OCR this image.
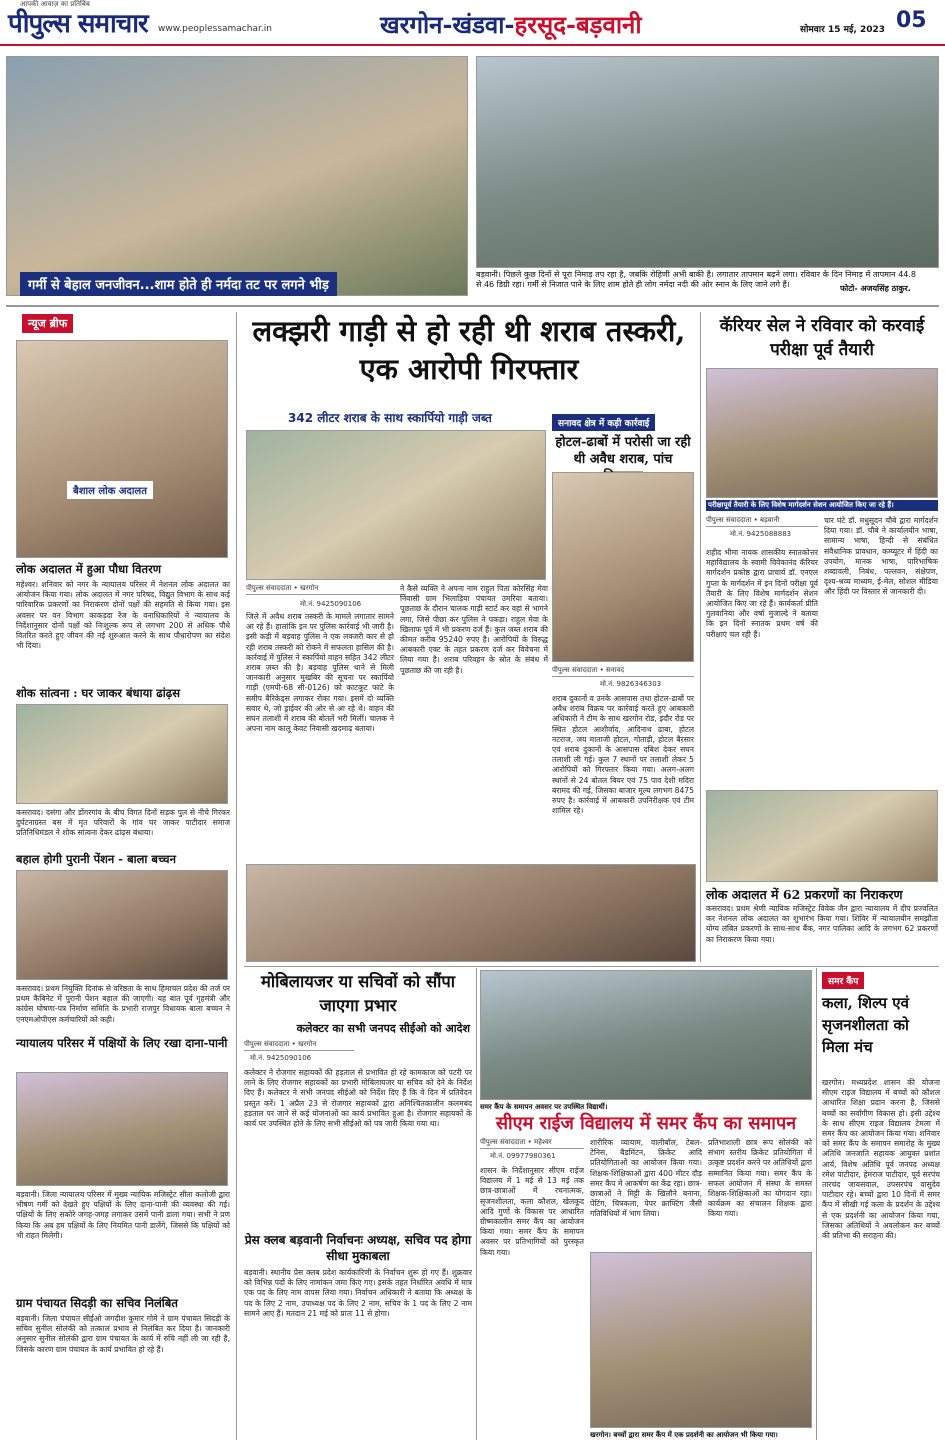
आपकी आवाज़ का प्रतिबिंब
पीपुल्स समाचार www.peoplessamachar.in	खरगोन-खंडवा-हरसूद-बड़वानी	सोमवार 15 मई, 2023 05
गर्मी से बेहाल जनजीवन...शाम होते ही नर्मदा तट पर लगने भीड़
बड़वानी। पिछले कुछ दिनों से पूरा निमाड़ तप रहा है, जबकि रोहिणी अभी बाकी है। लगातार तापमान बढ़ने लगा। रविवार के दिन निमाड़ में तापमान 44.8 से 46 डिग्री रहा। गर्मी से निजात पाने के लिए शाम होते ही लोग नर्मदा नदी की ओर स्नान के लिए जाने लगे हैं।	फोटो- अजयसिंह ठाकुर.
न्यूज ब्रीफ
बैशाल लोक अदालत
लोक अदालत में हुआ पौधा वितरण
महेश्वर। शनिवार को नगर के न्यायालय परिसर में नेशनल लोक अदालत का आयोजन किया गया। लोक अदालत में नगर परिषद, विद्युत विभाग के साथ कई पारिवारिक प्रकरणों का निराकरण दोनों पक्षों की सहमति से किया गया। इस अवसर पर वन विभाग काकड़दा रेंज के वनाधिकारियों ने न्यायालय के निर्देशानुसार दोनों पक्षों को निःशुल्क रूप से लगभग 200 से अधिक पौधे वितरित करते हुए जीवन की नई शुरुआत करने के साथ पौधारोपण का संदेश भी दिया।
शोक सांत्वना : घर जाकर बंधाया ढांढ़स
कसरावद। दसंगा और डोंगरगांव के बीच विगत दिनों सड़क पुल से नीचे गिरकर दुर्घटनाग्रस्त बस में मृत परिवारों के गांव घर जाकर पाटीदार समाज प्रतिनिधिमंडल ने शोक सांत्वना देकर ढांढ़स बंधाया।
बहाल होगी पुरानी पेंशन - बाला बच्चन
कसरावद। प्रथम नियुक्ति दिनांक से वरिष्ठता के साथ हिमाचल प्रदेश की तर्ज पर प्रथम कैबिनेट में पुरानी पेंशन बहाल की जाएगी। यह बात पूर्व गृहमंत्री और कांग्रेस घोषणा-पत्र निर्माण समिति के प्रभारी राजपुर विधायक बाला बच्चन ने एनएमओपीएस कर्मचारियों को कही।
न्यायालय परिसर में पक्षियों के लिए रखा दाना-पानी
बड़वानी। जिला न्यायालय परिसर में मुख्य न्यायिक मजिस्ट्रेट सीता कलोजी द्वारा भीषण गर्मी को देखते हुए पक्षियों के लिए दाना-पानी की व्यवस्था की गई। पक्षियों के लिए सकोरे जगह-जगह लगाकर उसमें पानी डाला गया। सभी ने प्रण किया कि अब हम पक्षियों के लिए नियमित पानी डालेंगे, जिससे कि पक्षियों को भी राहत मिलेगी।
ग्राम पंचायत सिदड़ी का सचिव निलंबित
बड़वानी। जिला पंचायत सीईओ जगदीश कुमार गोमे ने ग्राम पंचायत सिदड़ी के सचिव सुनील सोलंकी को तत्काल प्रभाव से निलंबित कर दिया है। जानकारी अनुसार सुनील सोलंकी द्वारा ग्राम पंचायत के कार्य में रुचि नहीं ली जा रही है, जिसके कारण ग्राम पंचायत के कार्य प्रभावित हो रहे हैं।
लक्झरी गाड़ी से हो रही थी शराब तस्करी, एक आरोपी गिरफ्तार
342 लीटर शराब के साथ स्कार्पियो गाड़ी जब्त
पीपुल्स संवाददाता • खरगोन
मो.नं. 9425090106
जिले में अवैध शराब तस्करी के मामले लगातार सामने आ रहे हैं। हालांकि इन पर पुलिस कार्रवाई भी जारी है। इसी कड़ी में बड़वाह पुलिस ने एक लक्जरी कार से हो रही शराब तस्करी को रोकने में सफलता हासिल की है। कार्रवाई में पुलिस ने स्कार्पियो वाहन सहित 342 लीटर शराब जब्त की है। बड़वाह पुलिस थाने से मिली जानकारी अनुसार मुखबिर की सूचना पर स्कार्पियो गाड़ी (एमपी-68 सी-0126) को काटकूट फाटे के समीप बैरिकेड्स लगाकर रोका गया। इसमें दो व्यक्ति सवार थे, जो ड्राईवर की ओर से आ रहे थे। वाहन की सघन तलाशी में शराब की बोतलें भरी मिलीं। चालक ने अपना नाम कालू केवट निवासी खदमाढ़ बताया।
ने कैसे व्यक्ति ने अपना नाम राहुल पिता कोरसिंह मेवा निवासी ग्राम भिलाड़िया पंचायत उमरिया बताया। पूछताछ के दौरान चालक गाड़ी स्टार्ट कर वहां से भागने लगा, जिसे पीछा कर पुलिस ने पकड़ा। राहुल मेवा के खिलाफ पूर्व में भी प्रकरण दर्ज हैं। कुल जब्त शराब की कीमत करीब 95240 रुपए है। आरोपियों के विरुद्ध आबकारी एक्ट के तहत प्रकरण दर्ज कर विवेचना में लिया गया है। शराब परिवहन के स्रोत के संबंध में पूछताछ की जा रही है।
सनावद क्षेत्र में कड़ी कार्रवाई
होटल-ढाबों में परोसी जा रही थी अवैध शराब, पांच
पीपुल्स संवाददाता • सनावद
मो.नं. 9826346303
शराब दुकानों व उनके आसपास तथा होटल-ढाबों पर अवैध शराब विक्रय पर कार्रवाई करते हुए आबकारी अधिकारी ने टीम के साथ खरगोन रोड, इंदौर रोड पर स्थित होटल आशीर्वाद, आदिनाथ ढाबा, होटल नटराज, जय माताजी होटल, गोताड़ी, होटल बैरसार एवं शराब दुकानों के आसपास दबिश देकर सघन तलाशी ली गई। कुल 7 स्थानों पर तलाशी लेकर 5 आरोपियों को गिरफ्तार किया गया। अलग-अलग स्थानों से 24 बोतल बियर एवं 75 पाव देशी मदिरा बरामद की गई, जिसका बाजार मूल्य लगभग 8475 रुपए है। कार्रवाई में आबकारी उपनिरीक्षक एवं टीम शामिल रहे।
कॅरियर सेल ने रविवार को करवाई परीक्षा पूर्व तैयारी
परीक्षापूर्व तैयारी के लिए विशेष मार्गदर्शन सेशन आयोजित किए जा रहे हैं।
पीपुल्स संवाददाता • बड़वानी
मो.नं. 9425088883
शहीद भीमा नायक शासकीय स्नातकोत्तर महाविद्यालय के स्वामी विवेकानंद कॅरियर मार्गदर्शन प्रकोष्ठ द्वारा प्राचार्य डॉ. एनएल गुप्ता के मार्गदर्शन में इन दिनों परीक्षा पूर्व तैयारी के लिए विशेष मार्गदर्शन सेशन आयोजित किए जा रहे हैं। कार्यकर्ता प्रीति गुलवानिया और वर्षा मुजाल्दे ने बताया कि इन दिनों स्नातक प्रथम वर्ष की परीक्षाएं चल रही हैं।
चार घंटे डॉ. मधुसूदन चौबे द्वारा मार्गदर्शन दिया गया। डॉ. चौबे ने कार्यालयीन भाषा, सामान्य भाषा, हिन्दी से संबंधित संवैधानिक प्रावधान, कम्प्यूटर में हिंदी का उपयोग, मानक भाषा, पारिभाषिक शब्दावली, निबंध, पल्लवन, संक्षेपण, दृश्य-श्रव्य माध्यम, ई-मेल, सोशल मीडिया और हिंदी पर विस्तार से जानकारी दी।
लोक अदालत में 62 प्रकरणों का निराकरण
कसरावद। प्रथम श्रेणी न्यायिक मजिस्ट्रेट विवेक जैन द्वारा न्यायालय में दीप प्रज्वलित कर नेशनल लोक अदालत का शुभारंभ किया गया। शिविर में न्यायालयीन समझौता योग्य लंबित प्रकरणों के साथ-साथ बैंक, नगर पालिका आदि के लगभग 62 प्रकरणों का निराकरण किया गया।
मोबिलायजर या सचिवों को सौंपा जाएगा प्रभार
कलेक्टर का सभी जनपद सीईओ को आदेश
पीपुल्स संवाददाता • खरगोन
मो.नं. 9425090106
कलेक्टर ने रोजगार सहायकों की हड़ताल से प्रभावित हो रहे कामकाज को पटरी पर लाने के लिए रोजगार सहायकों का प्रभारी मोबिलायजर या सचिव को देने के निर्देश दिए हैं। कलेक्टर ने सभी जनपद सीईओ को निर्देश दिए हैं कि वे दिन में प्रतिवेदन प्रस्तुत करें। 1 अप्रैल 23 से रोजगार सहायकों द्वारा अनिश्चितकालीन कलमबंद हड़ताल पर जाने से कई योजनाओं का कार्य प्रभावित हुआ है। रोजगार सहायकों के कार्य पर उपस्थित होने के लिए सभी सीईओ को पत्र जारी किया गया था।
प्रेस क्लब बड़वानी निर्वाचनः अध्यक्ष, सचिव पद होगा सीधा मुकाबला
बड़वानी। स्थानीय प्रेस क्लब प्रदेश कार्यकारिणी के निर्वाचन शुरू हो गए हैं। शुक्रवार को विभिन्न पदों के लिए नामांकन जमा किए गए। इसके तहत निर्धारित अवधि में मात्र एक पद के लिए नाम वापस लिया गया। निर्वाचन अधिकारी ने बताया कि अध्यक्ष के पद के लिए 2 नाम, उपाध्यक्ष पद के लिए 2 नाम, सचिव के 1 पद के लिए 2 नाम सामने आए हैं। मतदान 21 मई को प्रातः 11 से होगा।
समर कैंप के समापन अवसर पर उपस्थित विद्यार्थी।
सीएम राईज विद्यालय में समर कैंप का समापन
पीपुल्स संवाददाता • महेश्वर
मो.नं. 09977980361
शासन के निर्देशानुसार सीएम राईज विद्यालय में 1 मई से 13 मई तक छात्र-छात्राओं में रचनात्मक, सृजनशीलता, कला कौशल, खेलकूद आदि गुणों के विकास पर आधारित ग्रीष्मकालीन समर कैंप का आयोजन किया गया। समर कैंप के समापन अवसर पर प्रतिभागियों को पुरस्कृत किया गया।
शारीरिक व्यायाम, वालीबॉल, टेबल-टेनिस, बैडमिंटन, क्रिकेट आदि प्रतियोगिताओं का आयोजन किया गया। शिक्षक-शिक्षिकाओं द्वारा 400 मीटर दौड़ समर कैंप में आकर्षण का केंद्र रहा। छात्र-छात्राओं ने मिट्टी के खिलौने बनाना, पेंटिंग, चित्रकला, पेपर क्राफ्टिंग जैसी गतिविधियों में भाग लिया।
प्रतिभाशाली छात्र रूप सोलंकी को संभाग स्तरीय क्रिकेट प्रतियोगिता में उत्कृष्ट प्रदर्शन करने पर अतिथियों द्वारा सम्मानित किया गया। समर कैंप के सफल आयोजन में संस्था के समस्त शिक्षक-शिक्षिकाओं का योगदान रहा। कार्यक्रम का संचालन शिक्षक द्वारा किया गया।
खरगोन। बच्चों द्वारा समर कैंप में एक प्रदर्शनी का आयोजन भी किया गया।
समर कैंप
कला, शिल्प एवं सृजनशीलता को मिला मंच
खरगोन। मध्यप्रदेश शासन की योजना सीएम राइज विद्यालय में बच्चों को कौशल आधारित शिक्षा प्रदान करना है, जिससे बच्चों का सर्वांगीण विकास हो। इसी उद्देश्य के साथ सीएम राइज विद्यालय टेमला में समर कैंप का आयोजन किया गया। शनिवार को समर कैंप के समापन समारोह के मुख्य अतिथि जनजाति सहायक आयुक्त प्रशांत आर्य, विशेष अतिथि पूर्व जनपद अध्यक्ष रमेश पाटीदार, हेमराज पाटीदार, पूर्व सरपंच तारचंद जायसवाल, उपसरपंच वासुदेव पाटीदार रहे। बच्चों द्वारा 10 दिनों में समर कैंप में सीखी गई कला के प्रदर्शन के उद्देश्य से एक प्रदर्शनी का आयोजन किया गया, जिसका अतिथियों ने अवलोकन कर बच्चों की प्रतिभा की सराहना की।
